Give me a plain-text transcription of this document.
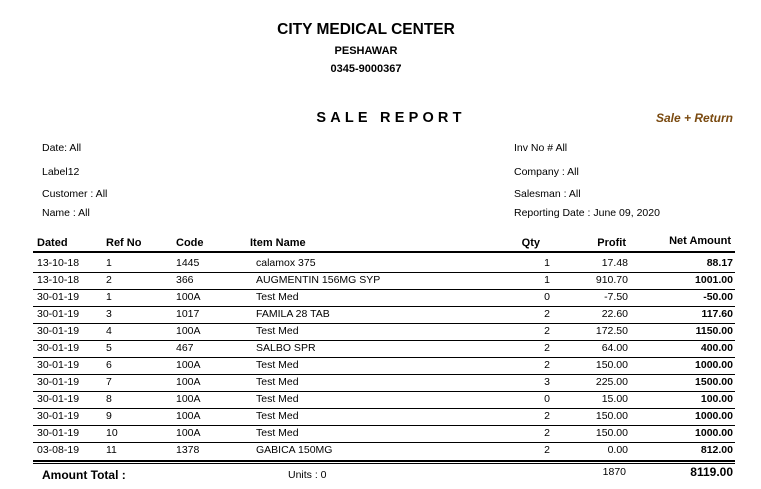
CITY MEDICAL CENTER
PESHAWAR
0345-9000367
SALE REPORT	Sale + Return
Date: All
Label12
Customer : All
Name : All
Inv No # All
Company : All
Salesman : All
Reporting Date : June 09, 2020
Dated	Ref No	Code	Item Name	Qty	Profit	Net Amount
13-10-18	1	1445	calamox 375	1	17.48	88.17
13-10-18	2	366	AUGMENTIN 156MG SYP	1	910.70	1001.00
30-01-19	1	100A	Test Med	0	-7.50	-50.00
30-01-19	3	1017	FAMILA 28 TAB	2	22.60	117.60
30-01-19	4	100A	Test Med	2	172.50	1150.00
30-01-19	5	467	SALBO SPR	2	64.00	400.00
30-01-19	6	100A	Test Med	2	150.00	1000.00
30-01-19	7	100A	Test Med	3	225.00	1500.00
30-01-19	8	100A	Test Med	0	15.00	100.00
30-01-19	9	100A	Test Med	2	150.00	1000.00
30-01-19	10	100A	Test Med	2	150.00	1000.00
03-08-19	11	1378	GABICA 150MG	2	0.00	812.00
Amount Total :	Units : 0	1870	8119.00
